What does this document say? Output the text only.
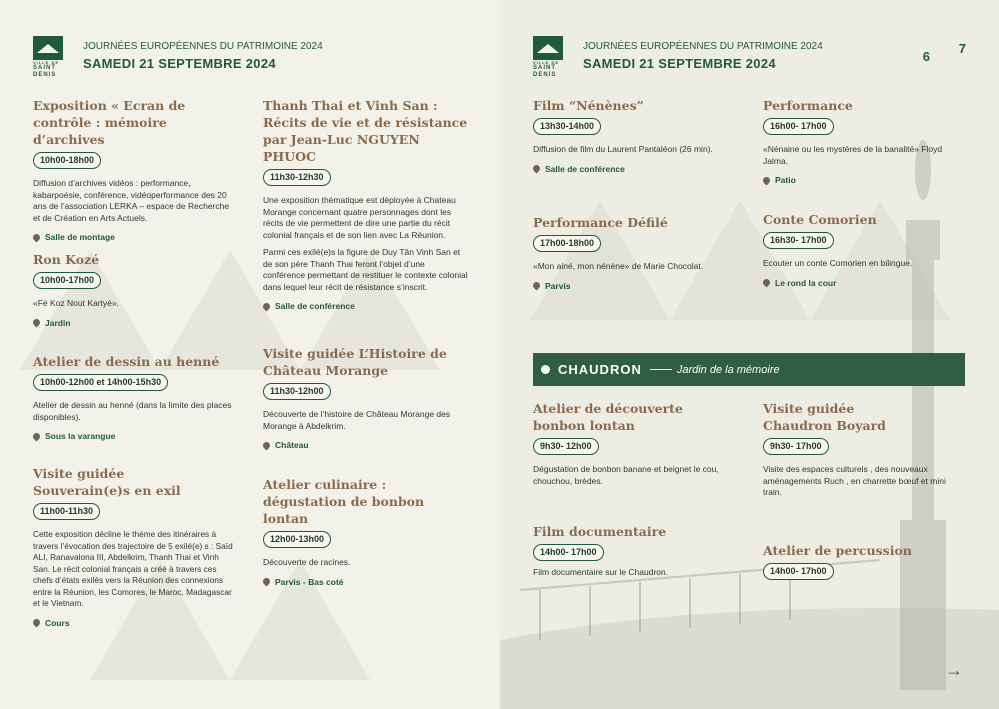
VILLE DE
SAINT
DENIS
JOURNÉES EUROPÉENNES DU PATRIMOINE 2024
SAMEDI 21 SEPTEMBRE 2024	6
VILLE DE
SAINT
DENIS
JOURNÉES EUROPÉENNES DU PATRIMOINE 2024
SAMEDI 21 SEPTEMBRE 2024
7
Exposition « Ecran de contrôle : mémoire d’archives
10h00-18h00

Diffusion d’archives vidéos : performance, kabarpoésie, conférence, vidéoperformance des 20 ans de l’association LERKA – espace de Recherche et de Création en Arts Actuels.

Salle de montage
Ron Kozé
10h00-17h00

«Fé Koz Nout Kartyé».

Jardin
Atelier de dessin au henné
10h00-12h00 et 14h00-15h30

Atelier de dessin au henné (dans la limite des places disponibles).

Sous la varangue
Visite guidée Souverain(e)s en exil
11h00-11h30

Cette exposition décline le thème des itinéraires à travers l’évocation des trajectoire de 5 exilé(e) s : Saïd ALI, Ranavalona III, Abdelkrim, Thanh Thai et Vinh San. Le récit colonial français a créé à travers ces chefs d’états exilés vers la Réunion des connexions entre la Réunion, les Comores, le Maroc, Madagascar et le Vietnam.

Cours
Thanh Thai et Vinh San : Récits de vie et de résistance par Jean-Luc NGUYEN PHUOC
11h30-12h30

Une exposition thématique est déployée à Chateau Morange concernant quatre personnages dont les récits de vie permettent de dire une partie du récit colonial français et de son lien avec La Réunion.

Parmi ces exilé(e)s la figure de Duy Tân Vinh San et de son père Thanh Thai feront l’objet d’une conférence permettant de restituer le contexte colonial dans lequel leur récit de résistance s’inscrit.

Salle de conférence
Visite guidée L’Histoire de Château Morange
11h30-12h00

Découverte de l’histoire de Château Morange des Morange à Abdelkrim.

Château
Atelier culinaire : dégustation de bonbon lontan
12h00-13h00

Découverte de racines.

Parvis - Bas coté
Film “Nénènes”
13h30-14h00

Diffusion de film du Laurent Pantaléon (26 min).

Salle de conférence
Performance Défilé
17h00-18h00

«Mon ainé, mon nénène» de Marie Chocolat.

Parvis
Performance
16h00- 17h00

«Nénaine ou les mystères de la banalité» Floyd Jalma.

Patio
Conte Comorien
16h30- 17h00

Ecouter un conte Comorien en bilingue.

Le rond la cour
CHAUDRON	Jardin de la mémoire
Atelier de découverte bonbon lontan
9h30- 12h00

Dégustation de bonbon banane et beignet le cou, chouchou, brèdes.

Film documentaire
14h00- 17h00

Film documentaire sur le Chaudron.

Visite guidée Chaudron Boyard
9h30- 17h00

Visite des espaces culturels , des nouveaux aménagements Ruch , en charrette bœuf et mini train.

Atelier de percussion
14h00- 17h00
→
